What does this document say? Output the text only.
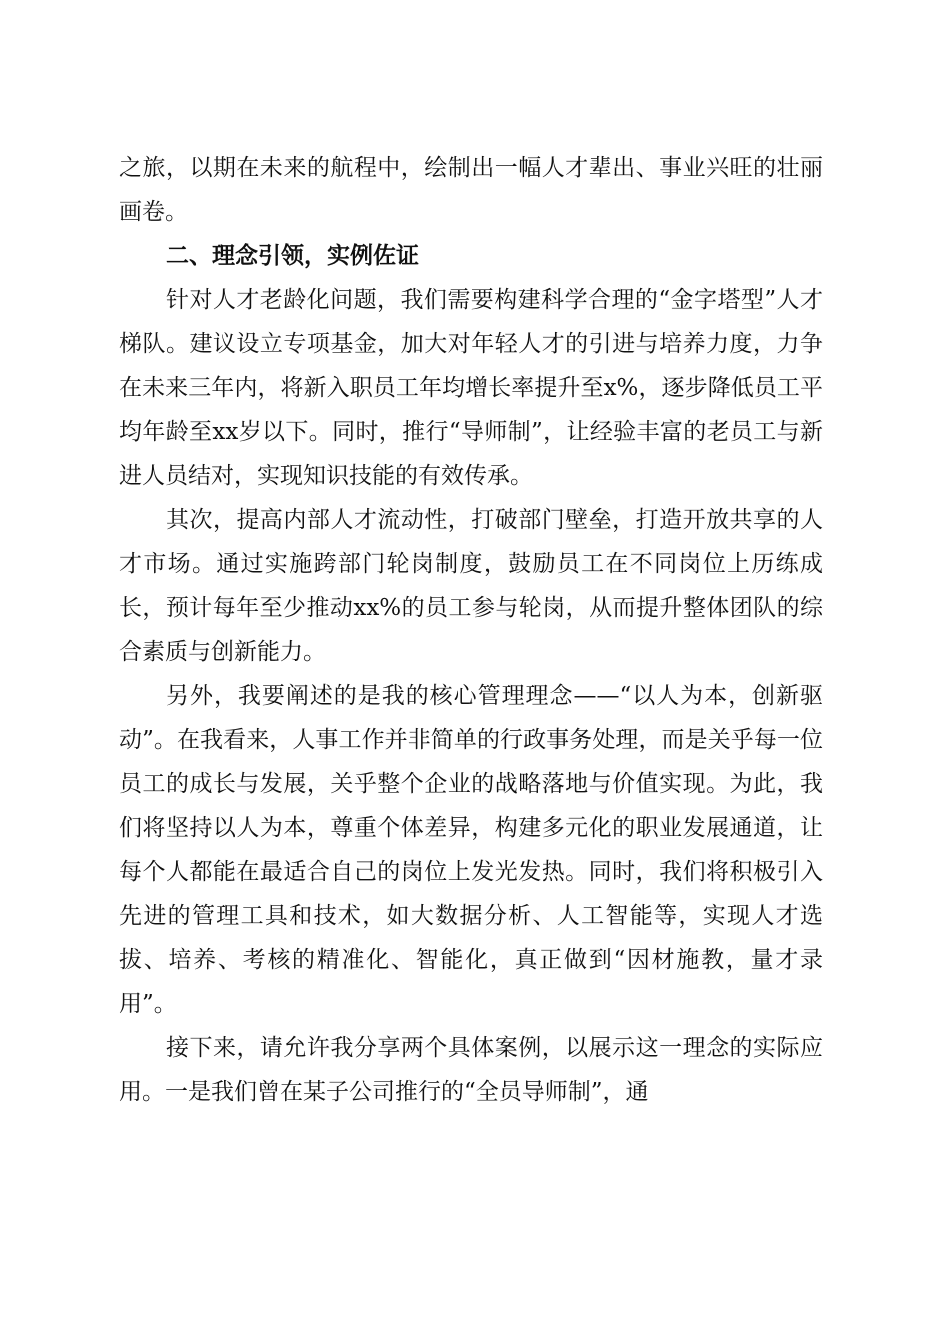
之旅，以期在未来的航程中，绘制出一幅人才辈出、事业兴旺的壮丽画卷。

二、理念引领，实例佐证

针对人才老龄化问题，我们需要构建科学合理的“金字塔型”人才梯队。建议设立专项基金，加大对年轻人才的引进与培养力度，力争在未来三年内，将新入职员工年均增长率提升至x%，逐步降低员工平均年龄至xx岁以下。同时，推行“导师制”，让经验丰富的老员工与新进人员结对，实现知识技能的有效传承。

其次，提高内部人才流动性，打破部门壁垒，打造开放共享的人才市场。通过实施跨部门轮岗制度，鼓励员工在不同岗位上历练成长，预计每年至少推动xx%的员工参与轮岗，从而提升整体团队的综合素质与创新能力。

另外，我要阐述的是我的核心管理理念——“以人为本，创新驱动”。在我看来，人事工作并非简单的行政事务处理，而是关乎每一位员工的成长与发展，关乎整个企业的战略落地与价值实现。为此，我们将坚持以人为本，尊重个体差异，构建多元化的职业发展通道，让每个人都能在最适合自己的岗位上发光发热。同时，我们将积极引入先进的管理工具和技术，如大数据分析、人工智能等，实现人才选拔、培养、考核的精准化、智能化，真正做到“因材施教，量才录用”。

接下来，请允许我分享两个具体案例，以展示这一理念的实际应用。一是我们曾在某子公司推行的“全员导师制”，通
